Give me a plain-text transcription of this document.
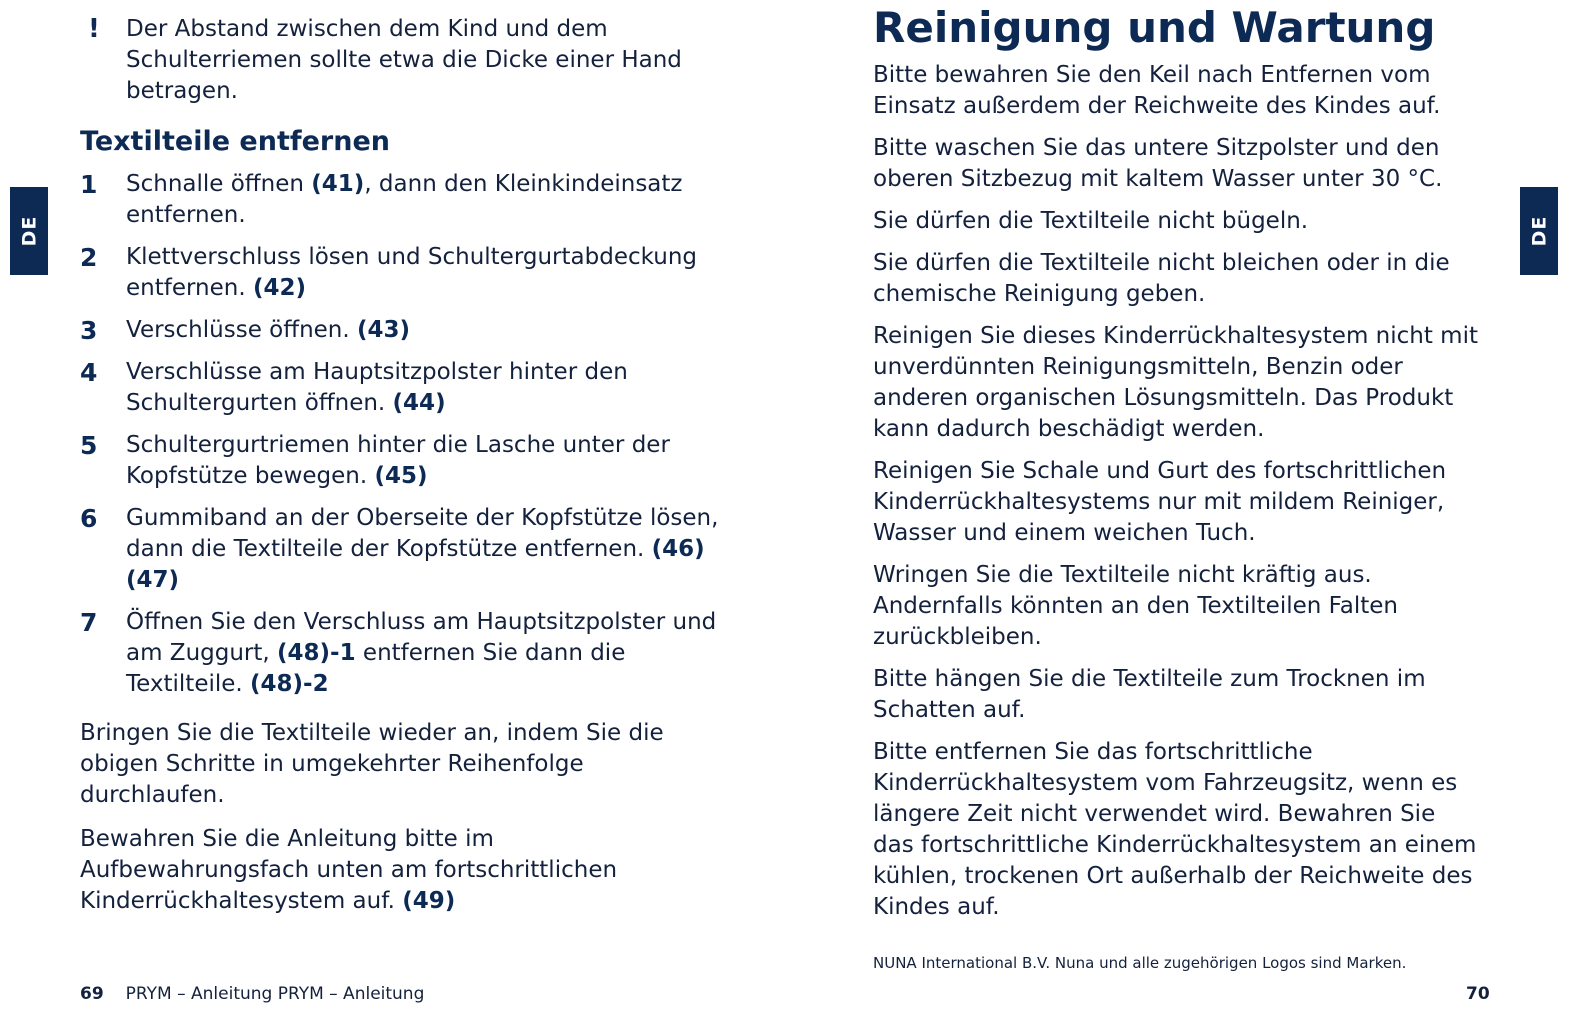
DE
! Der Abstand zwischen dem Kind und dem Schulterriemen sollte etwa die Dicke einer Hand betragen.
Textilteile entfernen
1 Schnalle öffnen (41), dann den Kleinkindeinsatz entfernen.
2 Klettverschluss lösen und Schultergurtabdeckung entfernen. (42)
3 Verschlüsse öffnen. (43)
4 Verschlüsse am Hauptsitzpolster hinter den Schultergurten öffnen. (44)
5 Schultergurtriemen hinter die Lasche unter der Kopfstütze bewegen. (45)
6 Gummiband an der Oberseite der Kopfstütze lösen, dann die Textilteile der Kopfstütze entfernen. (46)(47)
7 Öffnen Sie den Verschluss am Hauptsitzpolster und am Zuggurt, (48)-1 entfernen Sie dann die Textilteile. (48)-2

Bringen Sie die Textilteile wieder an, indem Sie die obigen Schritte in umgekehrter Reihenfolge durchlaufen.

Bewahren Sie die Anleitung bitte im Aufbewahrungsfach unten am fortschrittlichen Kinderrückhaltesystem auf. (49)

69 PRYM – Anleitung PRYM – Anleitung
Reinigung und Wartung

Bitte bewahren Sie den Keil nach Entfernen vom Einsatz außerdem der Reichweite des Kindes auf.

Bitte waschen Sie das untere Sitzpolster und den oberen Sitzbezug mit kaltem Wasser unter 30 °C.

Sie dürfen die Textilteile nicht bügeln.

Sie dürfen die Textilteile nicht bleichen oder in die chemische Reinigung geben.

Reinigen Sie dieses Kinderrückhaltesystem nicht mit unverdünnten Reinigungsmitteln, Benzin oder anderen organischen Lösungsmitteln. Das Produkt kann dadurch beschädigt werden.

Reinigen Sie Schale und Gurt des fortschrittlichen Kinderrückhaltesystems nur mit mildem Reiniger, Wasser und einem weichen Tuch.

Wringen Sie die Textilteile nicht kräftig aus. Andernfalls könnten an den Textilteilen Falten zurückbleiben.

Bitte hängen Sie die Textilteile zum Trocknen im Schatten auf.

Bitte entfernen Sie das fortschrittliche Kinderrückhaltesystem vom Fahrzeugsitz, wenn es längere Zeit nicht verwendet wird. Bewahren Sie das fortschrittliche Kinderrückhaltesystem an einem kühlen, trockenen Ort außerhalb der Reichweite des Kindes auf.

NUNA International B.V. Nuna und alle zugehörigen Logos sind Marken.
70
DE
